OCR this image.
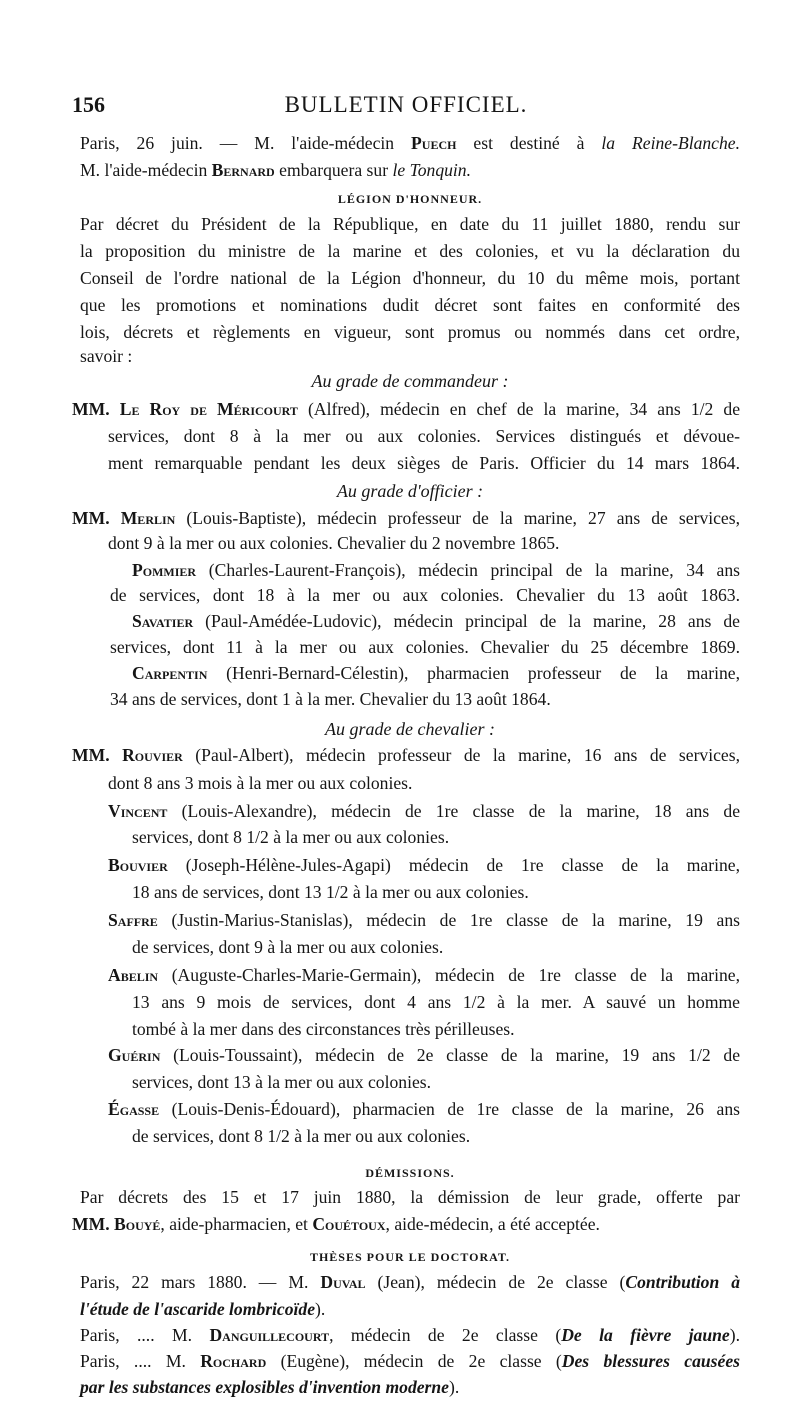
156	BULLETIN OFFICIEL.
Paris, 26 juin. — M. l'aide-médecin Puech est destiné à la Reine-Blanche.
M. l'aide-médecin Bernard embarquera sur le Tonquin.
LÉGION D'HONNEUR.
Par décret du Président de la République, en date du 11 juillet 1880, rendu sur
la proposition du ministre de la marine et des colonies, et vu la déclaration du
Conseil de l'ordre national de la Légion d'honneur, du 10 du même mois, portant
que les promotions et nominations dudit décret sont faites en conformité des
lois, décrets et règlements en vigueur, sont promus ou nommés dans cet ordre,
savoir :
Au grade de commandeur :
MM. Le Roy de Méricourt (Alfred), médecin en chef de la marine, 34 ans 1/2 de
services, dont 8 à la mer ou aux colonies. Services distingués et dévoue-
ment remarquable pendant les deux sièges de Paris. Officier du 14 mars 1864.
Au grade d'officier :
MM. Merlin (Louis-Baptiste), médecin professeur de la marine, 27 ans de services,
dont 9 à la mer ou aux colonies. Chevalier du 2 novembre 1865.
Pommier (Charles-Laurent-François), médecin principal de la marine, 34 ans
de services, dont 18 à la mer ou aux colonies. Chevalier du 13 août 1863.
Savatier (Paul-Amédée-Ludovic), médecin principal de la marine, 28 ans de
services, dont 11 à la mer ou aux colonies. Chevalier du 25 décembre 1869.
Carpentin (Henri-Bernard-Célestin), pharmacien professeur de la marine,
34 ans de services, dont 1 à la mer. Chevalier du 13 août 1864.
Au grade de chevalier :
MM. Rouvier (Paul-Albert), médecin professeur de la marine, 16 ans de services,
dont 8 ans 3 mois à la mer ou aux colonies.
Vincent (Louis-Alexandre), médecin de 1re classe de la marine, 18 ans de
services, dont 8 1/2 à la mer ou aux colonies.
Bouvier (Joseph-Hélène-Jules-Agapi) médecin de 1re classe de la marine,
18 ans de services, dont 13 1/2 à la mer ou aux colonies.
Saffre (Justin-Marius-Stanislas), médecin de 1re classe de la marine, 19 ans
de services, dont 9 à la mer ou aux colonies.
Abelin (Auguste-Charles-Marie-Germain), médecin de 1re classe de la marine,
13 ans 9 mois de services, dont 4 ans 1/2 à la mer. A sauvé un homme
tombé à la mer dans des circonstances très périlleuses.
Guérin (Louis-Toussaint), médecin de 2e classe de la marine, 19 ans 1/2 de
services, dont 13 à la mer ou aux colonies.
Égasse (Louis-Denis-Édouard), pharmacien de 1re classe de la marine, 26 ans
de services, dont 8 1/2 à la mer ou aux colonies.
DÉMISSIONS.
Par décrets des 15 et 17 juin 1880, la démission de leur grade, offerte par
MM. Bouyé, aide-pharmacien, et Couétoux, aide-médecin, a été acceptée.
THÈSES POUR LE DOCTORAT.
Paris, 22 mars 1880. — M. Duval (Jean), médecin de 2e classe (Contribution à
l'étude de l'ascaride lombricoïde).
Paris, .... M. Danguillecourt, médecin de 2e classe (De la fièvre jaune).
Paris, .... M. Rochard (Eugène), médecin de 2e classe (Des blessures causées
par les substances explosibles d'invention moderne).
